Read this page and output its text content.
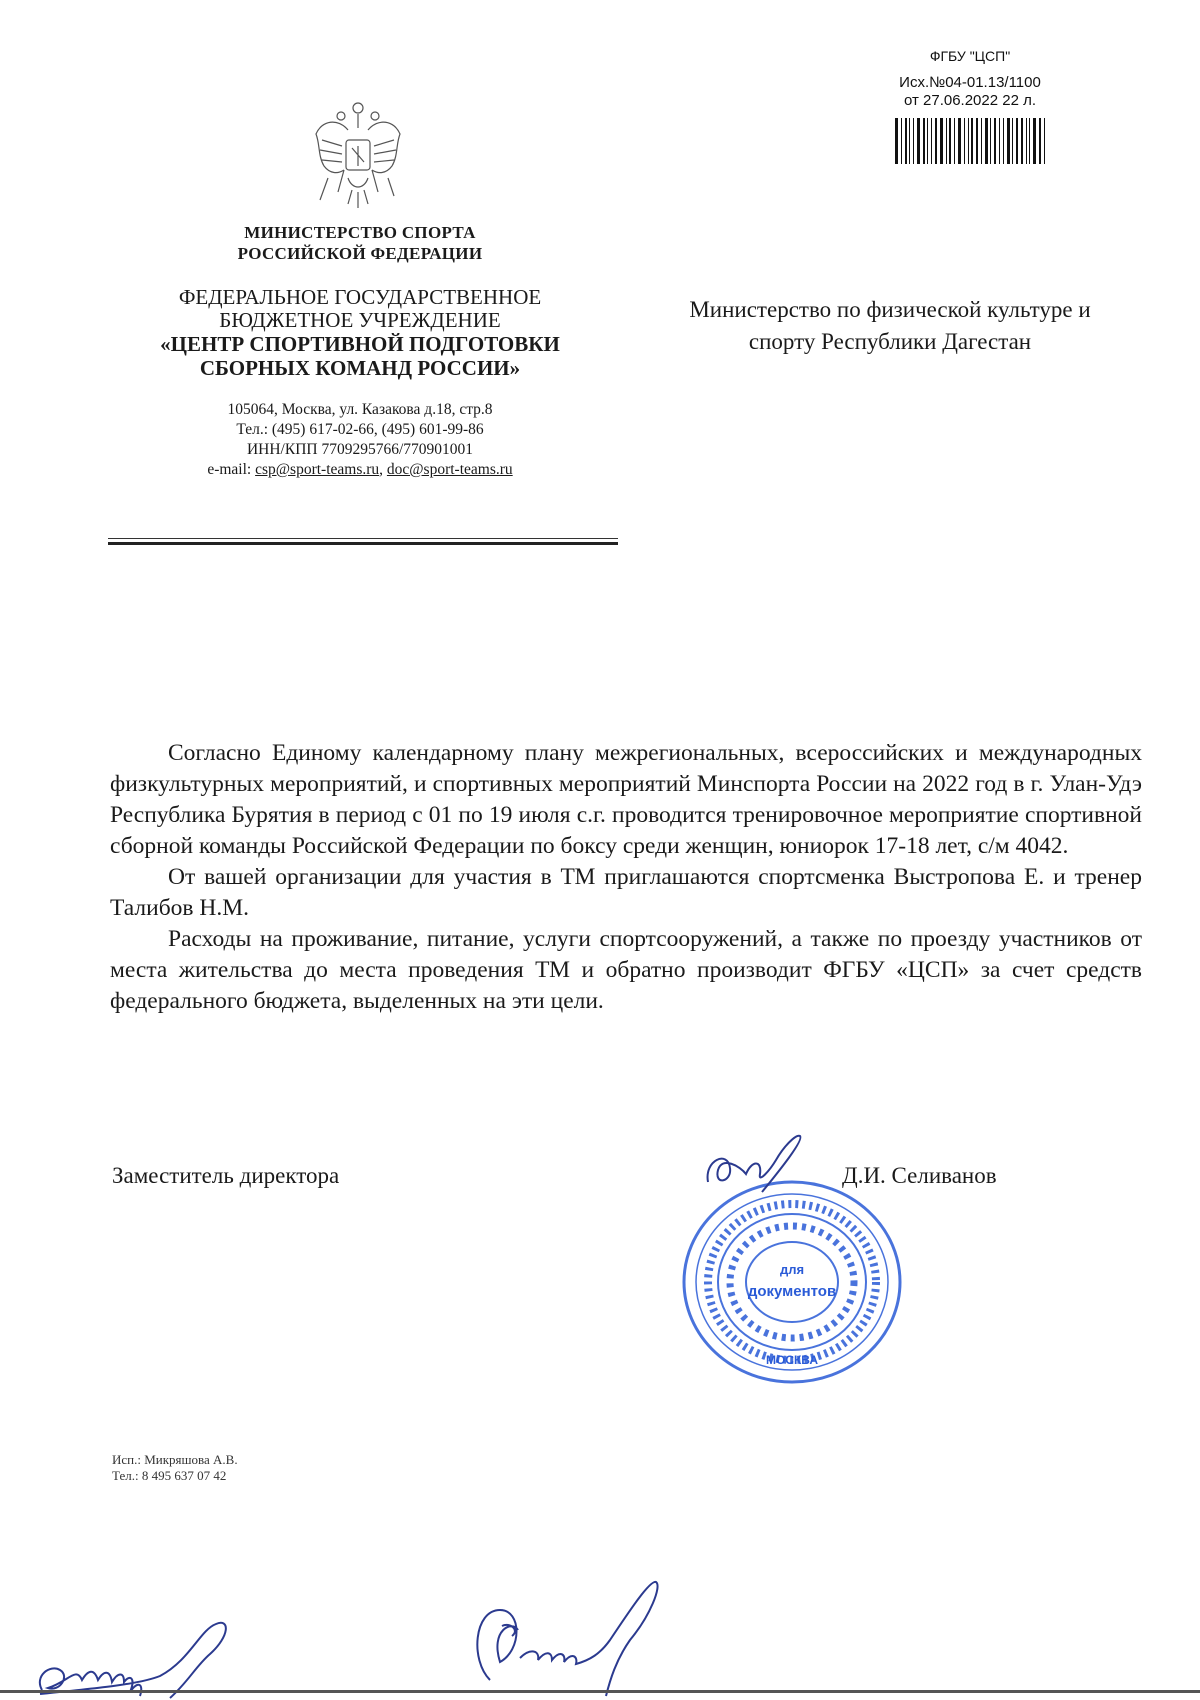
ФГБУ "ЦСП"
Исх.№04-01.13/1100
от 27.06.2022 22 л.
МИНИСТЕРСТВО СПОРТА
РОССИЙСКОЙ ФЕДЕРАЦИИ
ФЕДЕРАЛЬНОЕ ГОСУДАРСТВЕННОЕ
БЮДЖЕТНОЕ УЧРЕЖДЕНИЕ
«ЦЕНТР СПОРТИВНОЙ ПОДГОТОВКИ
СБОРНЫХ КОМАНД РОССИИ»
105064, Москва, ул. Казакова д.18, стр.8
Тел.: (495) 617-02-66, (495) 601-99-86
ИНН/КПП 7709295766/770901001
e-mail: csp@sport-teams.ru, doc@sport-teams.ru
Министерство по физической культуре и
спорту Республики Дагестан

Согласно Единому календарному плану межрегиональных, всероссийских и международных физкультурных мероприятий, и спортивных мероприятий Минспорта России на 2022 год в г. Улан-Удэ Республика Бурятия в период с 01 по 19 июля с.г. проводится тренировочное мероприятие спортивной сборной команды Российской Федерации по боксу среди женщин, юниорок 17-18 лет, с/м 4042.

От вашей организации для участия в ТМ приглашаются спортсменка Выстропова Е. и тренер Талибов Н.М.

Расходы на проживание, питание, услуги спортсооружений, а также по проезду участников от места жительства до места проведения ТМ и обратно производит ФГБУ «ЦСП» за счет средств федерального бюджета, выделенных на эти цели.

Заместитель директора	Д.И. Селиванов
для
документов
МОСКВА
Исп.: Микряшова А.В.
Тел.: 8 495 637 07 42
